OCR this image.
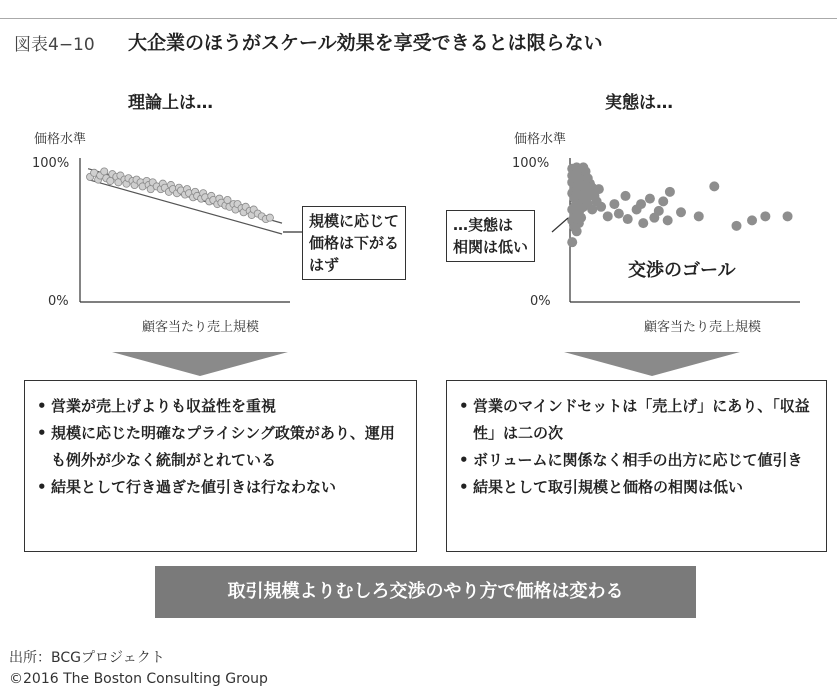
図表4−10 大企業のほうがスケール効果を享受できるとは限らない
理論上は…
価格水準
100%
0%
顧客当たり売上規模
規模に応じて
価格は下がる
はず
実態は…
価格水準
100%
0%
顧客当たり売上規模
…実態は
相関は低い
交渉のゴール
• 営業が売上げよりも収益性を重視
• 規模に応じた明確なプライシング政策があり、運用も例外が少なく統制がとれている
• 結果として行き過ぎた値引きは行なわない
• 営業のマインドセットは「売上げ」にあり、「収益性」は二の次
• ボリュームに関係なく相手の出方に応じて値引き
• 結果として取引規模と価格の相関は低い
取引規模よりむしろ交渉のやり方で価格は変わる
出所：BCGプロジェクト
©2016 The Boston Consulting Group
